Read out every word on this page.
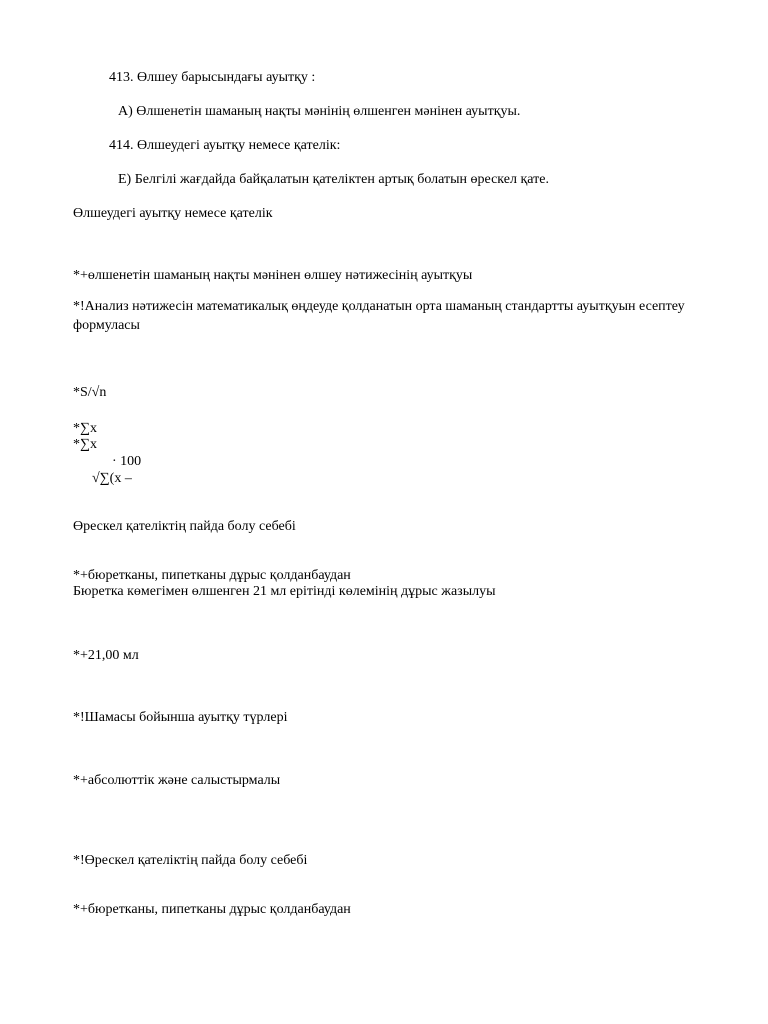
413. Өлшеу барысындағы ауытқу :
А) Өлшенетін шаманың нақты мәнінің өлшенген мәнінен ауытқуы.
414. Өлшеудегі ауытқу немесе қателік:
Е) Белгілі жағдайда байқалатын қателіктен артық болатын өрескел қате.
Өлшеудегі ауытқу немесе қателік
*+өлшенетін шаманың нақты мәнінен өлшеу нәтижесінің ауытқуы
*!Анализ нәтижесін математикалық өңдеуде қолданатын орта шаманың стандартты ауытқуын есептеу формуласы
*S/√n
*∑x
*∑x
· 100
√∑(x –
Өрескел қателіктің пайда болу себебі
*+бюретканы, пипетканы дұрыс қолданбаудан
Бюретка көмегімен өлшенген 21 мл ерітінді көлемінің дұрыс жазылуы
*+21,00 мл
*!Шамасы бойынша ауытқу түрлері
*+абсолюттік және салыстырмалы
*!Өрескел қателіктің пайда болу себебі
*+бюретканы, пипетканы дұрыс қолданбаудан
